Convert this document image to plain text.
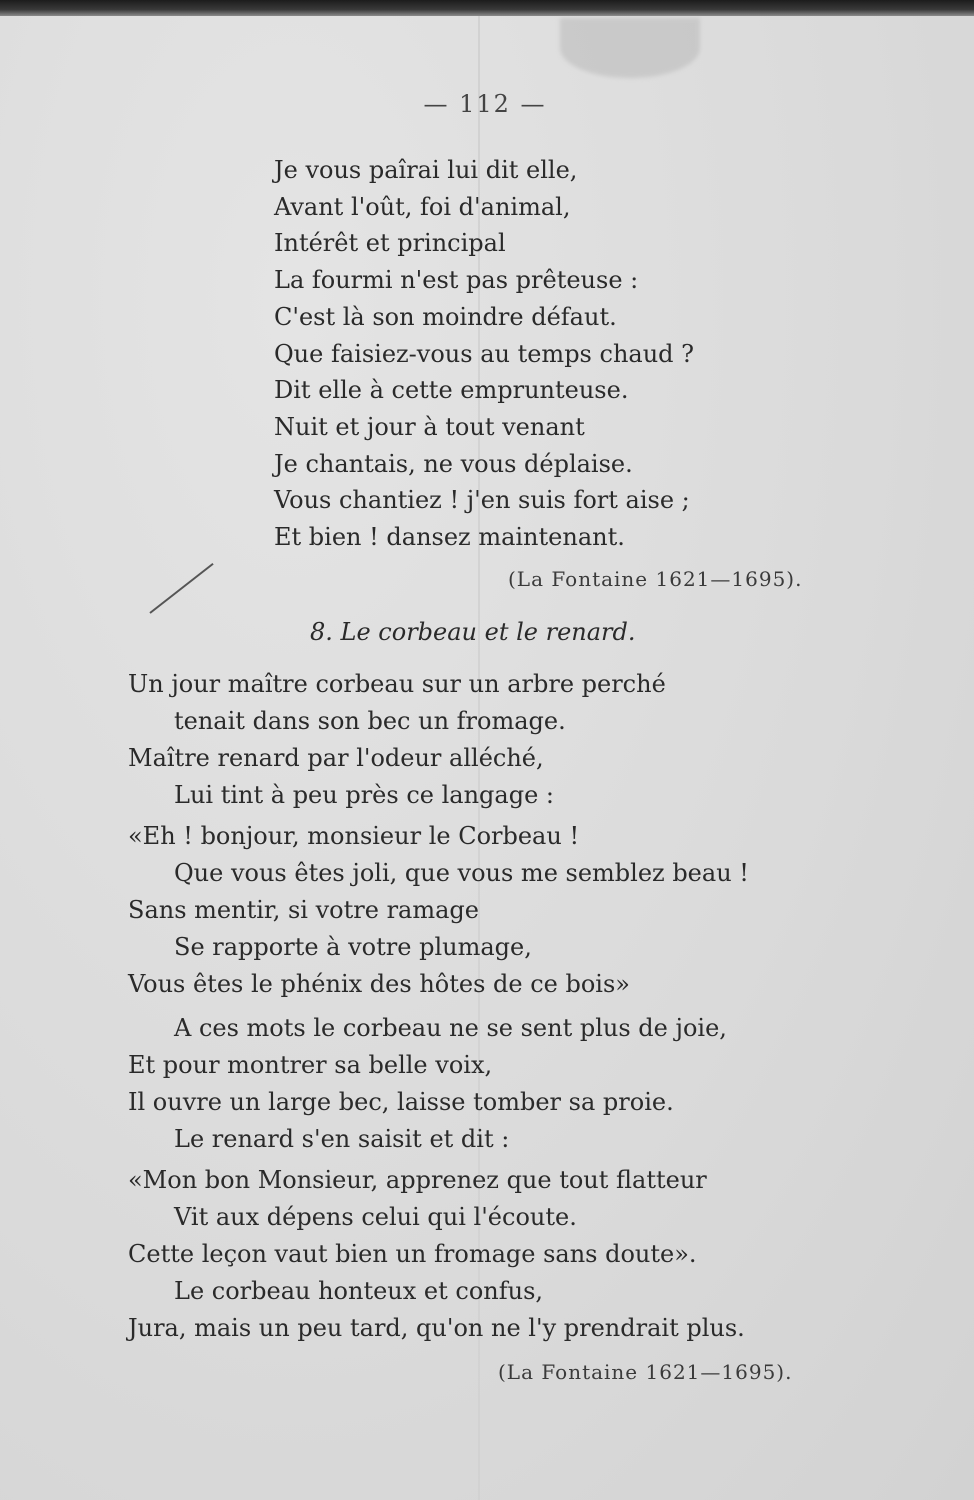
— 112 —
Je vous paîrai lui dit elle,
Avant l'oût, foi d'animal,
Intérêt et principal
La fourmi n'est pas prêteuse :
C'est là son moindre défaut.
Que faisiez-vous au temps chaud ?
Dit elle à cette emprunteuse.
Nuit et jour à tout venant
Je chantais, ne vous déplaise.
Vous chantiez ! j'en suis fort aise ;
Et bien ! dansez maintenant.
(La Fontaine 1621—1695).
8. Le corbeau et le renard.
Un jour maître corbeau sur un arbre perché
tenait dans son bec un fromage.
Maître renard par l'odeur alléché,
Lui tint à peu près ce langage :
«Eh ! bonjour, monsieur le Corbeau !
Que vous êtes joli, que vous me semblez beau !
Sans mentir, si votre ramage
Se rapporte à votre plumage,
Vous êtes le phénix des hôtes de ce bois»
A ces mots le corbeau ne se sent plus de joie,
Et pour montrer sa belle voix,
Il ouvre un large bec, laisse tomber sa proie.
Le renard s'en saisit et dit :
«Mon bon Monsieur, apprenez que tout flatteur
Vit aux dépens celui qui l'écoute.
Cette leçon vaut bien un fromage sans doute».
Le corbeau honteux et confus,
Jura, mais un peu tard, qu'on ne l'y prendrait plus.
(La Fontaine 1621—1695).
